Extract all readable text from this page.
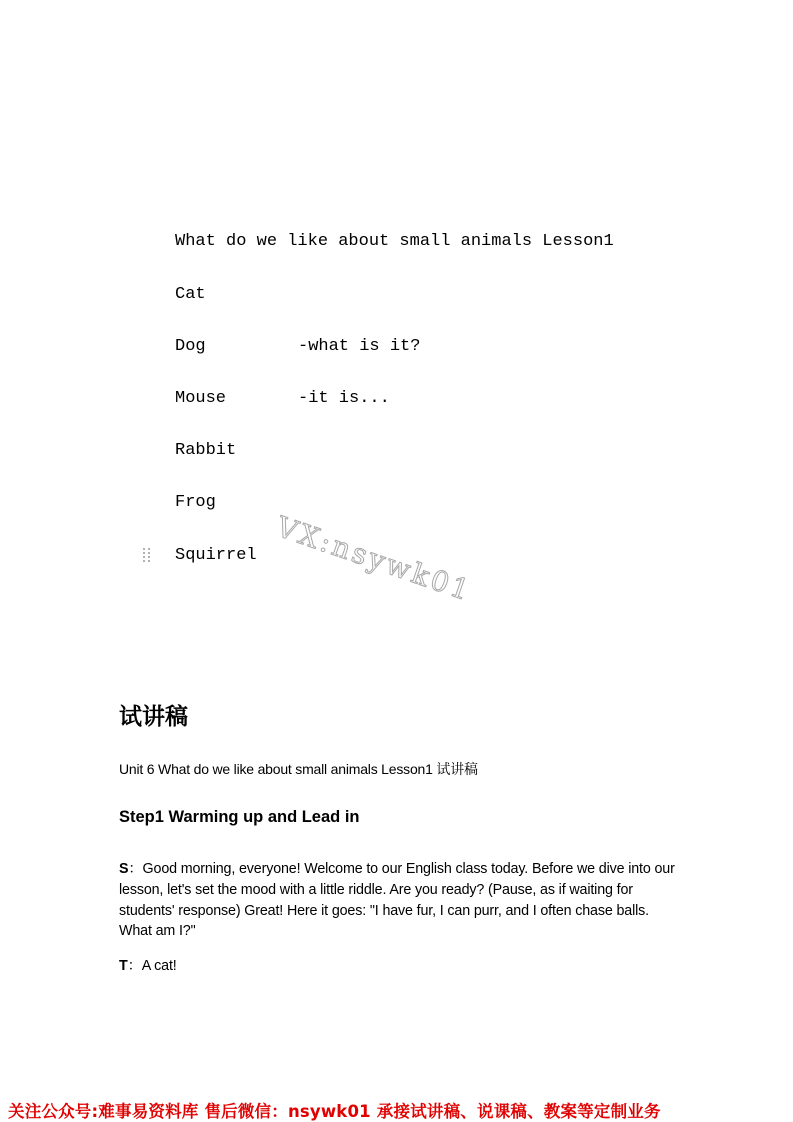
What do we like about small animals Lesson1
Cat
Dog
Mouse
Rabbit
Frog
Squirrel
-what is it?
-it is...
VX:nsywk01
试讲稿
Unit 6 What do we like about small animals Lesson1 试讲稿
Step1 Warming up and Lead in
S：Good morning, everyone! Welcome to our English class today. Before we dive into our lesson, let's set the mood with a little riddle. Are you ready? (Pause, as if waiting for students' response) Great! Here it goes: "I have fur, I can purr, and I often chase balls. What am I?"
T：A cat!
关注公众号:难事易资料库 售后微信：nsywk01 承接试讲稿、说课稿、教案等定制业务
